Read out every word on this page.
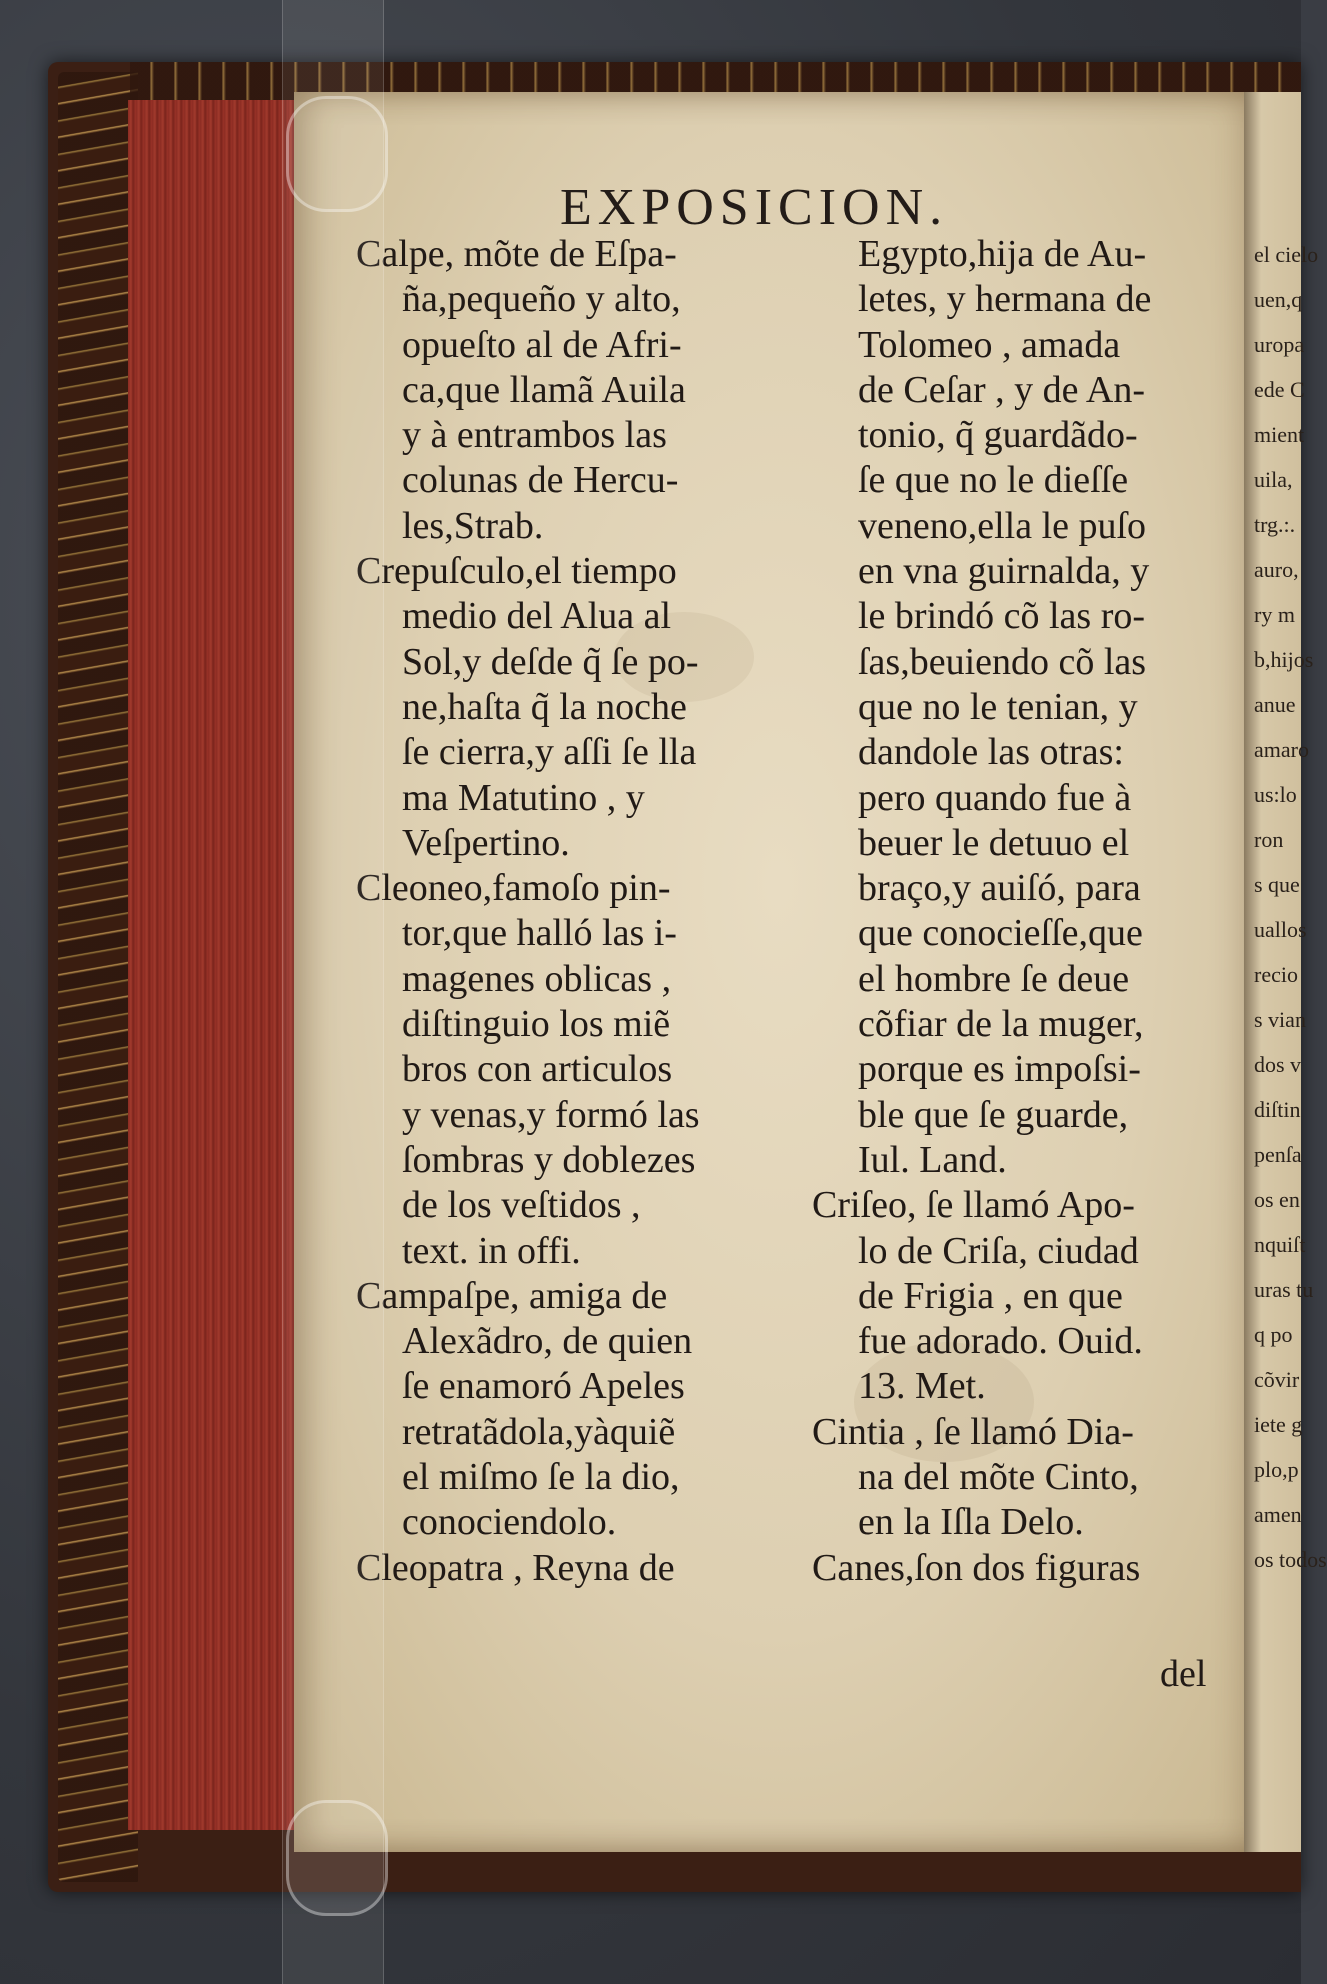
el cielo
uen,q
uropa
ede C
mient
uila,
trg.:.
auro,
ry m
b,hijos
anue
amaro
us:lo
ron
s que
uallos
recio
s vian
dos v
diſtin
penſa
os en
nquiſt
uras tu
q po
cõvir
iete g
plo,p
amen
os todos
EXPOSICION.
Calpe, mõte de Eſpa-
ña,pequeño y alto,
opueſto al de Afri-
ca,que llamã Auila
y à entrambos las
colunas de Hercu-
les,Strab.
Crepuſculo,el tiempo
medio del Alua al
Sol,y deſde q̃ ſe po-
ne,haſta q̃ la noche
ſe cierra,y aſſi ſe lla
ma Matutino , y
Veſpertino.
Cleoneo,famoſo pin-
tor,que halló las i-
magenes oblicas ,
diſtinguio los miẽ
bros con articulos
y venas,y formó las
ſombras y doblezes
de los veſtidos ,
text. in offi.
Campaſpe, amiga de
Alexãdro, de quien
ſe enamoró Apeles
retratãdola,yàquiẽ
el miſmo ſe la dio,
conociendolo.
Cleopatra , Reyna de
Egypto,hija de Au-
letes, y hermana de
Tolomeo , amada
de Ceſar , y de An-
tonio, q̃ guardãdo-
ſe que no le dieſſe
veneno,ella le puſo
en vna guirnalda, y
le brindó cõ las ro-
ſas,beuiendo cõ las
que no le tenian, y
dandole las otras:
pero quando fue à
beuer le detuuo el
braço,y auiſó, para
que conocieſſe,que
el hombre ſe deue
cõfiar de la muger,
porque es impoſsi-
ble que ſe guarde,
Iul. Land.
Criſeo, ſe llamó Apo-
lo de Criſa, ciudad
de Frigia , en que
fue adorado. Ouid.
13. Met.
Cintia , ſe llamó Dia-
na del mõte Cinto,
en la Iſla Delo.
Canes,ſon dos figuras
del
